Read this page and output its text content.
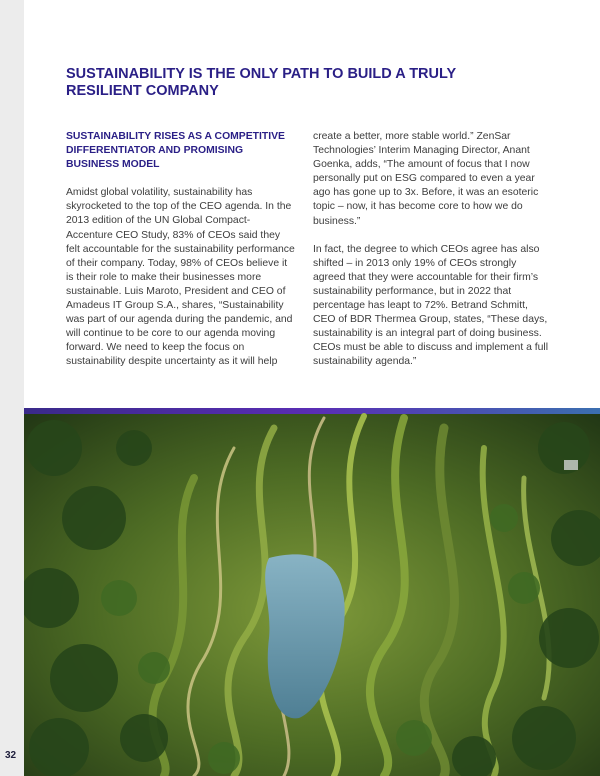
32
SUSTAINABILITY IS THE ONLY PATH TO BUILD A TRULY RESILIENT COMPANY
SUSTAINABILITY RISES AS A COMPETITIVE DIFFERENTIATOR AND PROMISING BUSINESS MODEL

Amidst global volatility, sustainability has skyrocketed to the top of the CEO agenda. In the 2013 edition of the UN Global Compact-Accenture CEO Study, 83% of CEOs said they felt accountable for the sustainability performance of their company. Today, 98% of CEOs believe it is their role to make their businesses more sustainable. Luis Maroto, President and CEO of Amadeus IT Group S.A., shares, “Sustainability was part of our agenda during the pandemic, and will continue to be core to our agenda moving forward. We need to keep the focus on sustainability despite uncertainty as it will help

create a better, more stable world.” ZenSar Technologies’ Interim Managing Director, Anant Goenka, adds, “The amount of focus that I now personally put on ESG compared to even a year ago has gone up to 3x. Before, it was an esoteric topic – now, it has become core to how we do business.”

In fact, the degree to which CEOs agree has also shifted – in 2013 only 19% of CEOs strongly agreed that they were accountable for their firm’s sustainability performance, but in 2022 that percentage has leapt to 72%. Betrand Schmitt, CEO of BDR Thermea Group, states, “These days, sustainability is an integral part of doing business. CEOs must be able to discuss and implement a full sustainability agenda.”
